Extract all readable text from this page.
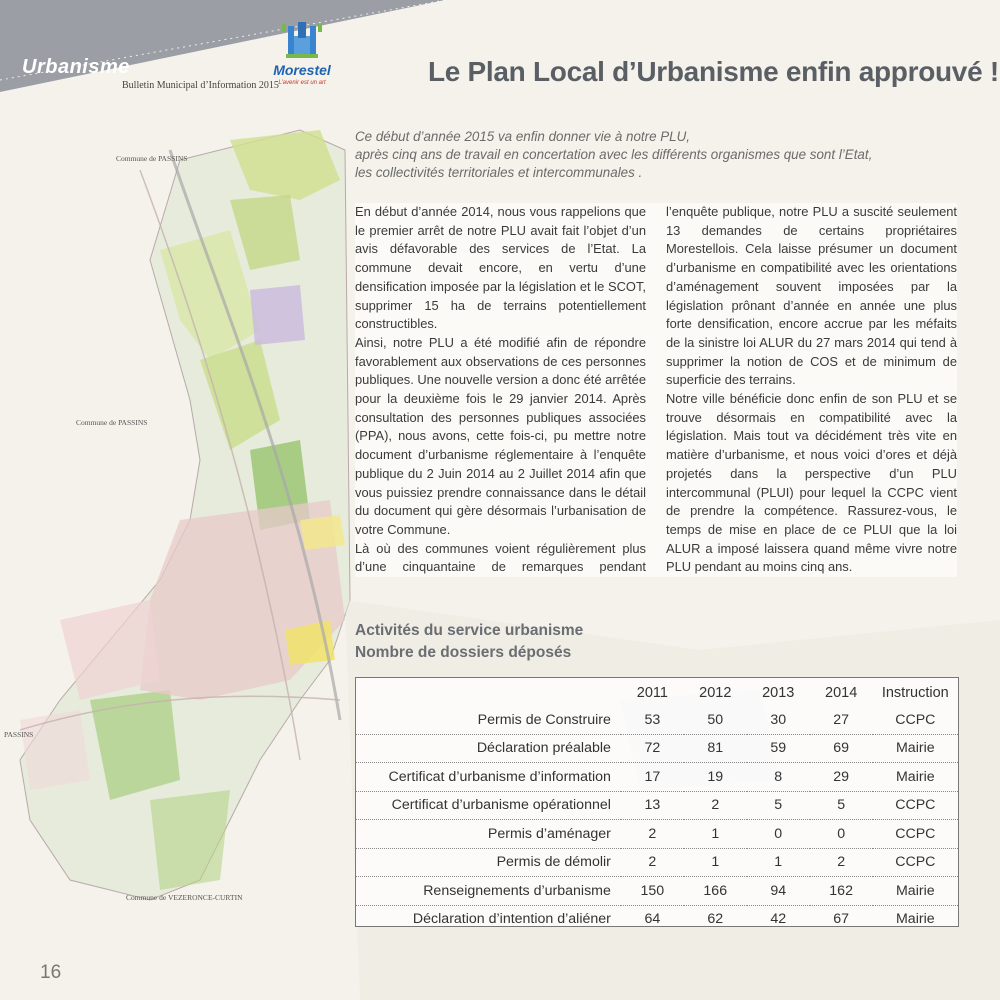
Commune de PASSINS
Commune de PASSINS
PASSINS
Commune de VEZERONCE-CURTIN
Urbanisme
Bulletin Municipal d’Information 2015
Morestel
L’avenir est un art	Le Plan Local d’Urbanisme enfin approuvé !

Ce début d’année 2015 va enfin donner vie à notre PLU,

après cinq ans de travail en concertation avec les différents organismes que sont l’Etat,

les collectivités territoriales et intercommunales .

En début d’année 2014, nous vous rappelions que le premier arrêt de notre PLU avait fait l’objet d’un avis défavorable des services de l’Etat. La commune devait encore, en vertu d’une densification imposée par la législation et le SCOT, supprimer 15 ha de terrains potentiellement constructibles.

Ainsi, notre PLU a été modifié afin de répondre favorablement aux observations de ces personnes publiques. Une nouvelle version a donc été arrêtée pour la deuxième fois le 29 janvier 2014. Après consultation des personnes publiques associées (PPA), nous avons, cette fois-ci, pu mettre notre document d’urbanisme réglementaire à l’enquête publique du 2 Juin 2014 au 2 Juillet 2014 afin que vous puissiez prendre connaissance dans le détail du document qui gère désormais l’urbanisation de votre Commune.

Là où des communes voient régulièrement plus d’une cinquantaine de remarques pendant l’enquête publique, notre PLU a suscité seulement 13 demandes de certains propriétaires Morestellois. Cela laisse présumer un document d’urbanisme en compatibilité avec les orientations d’aménagement souvent imposées par la législation prônant d’année en année une plus forte densification, encore accrue par les méfaits de la sinistre loi ALUR du 27 mars 2014 qui tend à supprimer la notion de COS et de minimum de superficie des terrains.

Notre ville bénéficie donc enfin de son PLU et se trouve désormais en compatibilité avec la législation. Mais tout va décidément très vite en matière d’urbanisme, et nous voici d’ores et déjà projetés dans la perspective d’un PLU intercommunal (PLUI) pour lequel la CCPC vient de prendre la compétence. Rassurez-vous, le temps de mise en place de ce PLUI que la loi ALUR a imposé laissera quand même vivre notre PLU pendant au moins cinq ans.

Activités du service urbanisme
Nombre de dossiers déposés
	2011	2012	2013	2014	Instruction
Permis de Construire	53	50	30	27	CCPC
Déclaration préalable	72	81	59	69	Mairie
Certificat d’urbanisme d’information	17	19	8	29	Mairie
Certificat d’urbanisme opérationnel	13	2	5	5	CCPC
Permis d’aménager	2	1	0	0	CCPC
Permis de démolir	2	1	1	2	CCPC
Renseignements d’urbanisme	150	166	94	162	Mairie
Déclaration d’intention d’aliéner	64	62	42	67	Mairie
16
